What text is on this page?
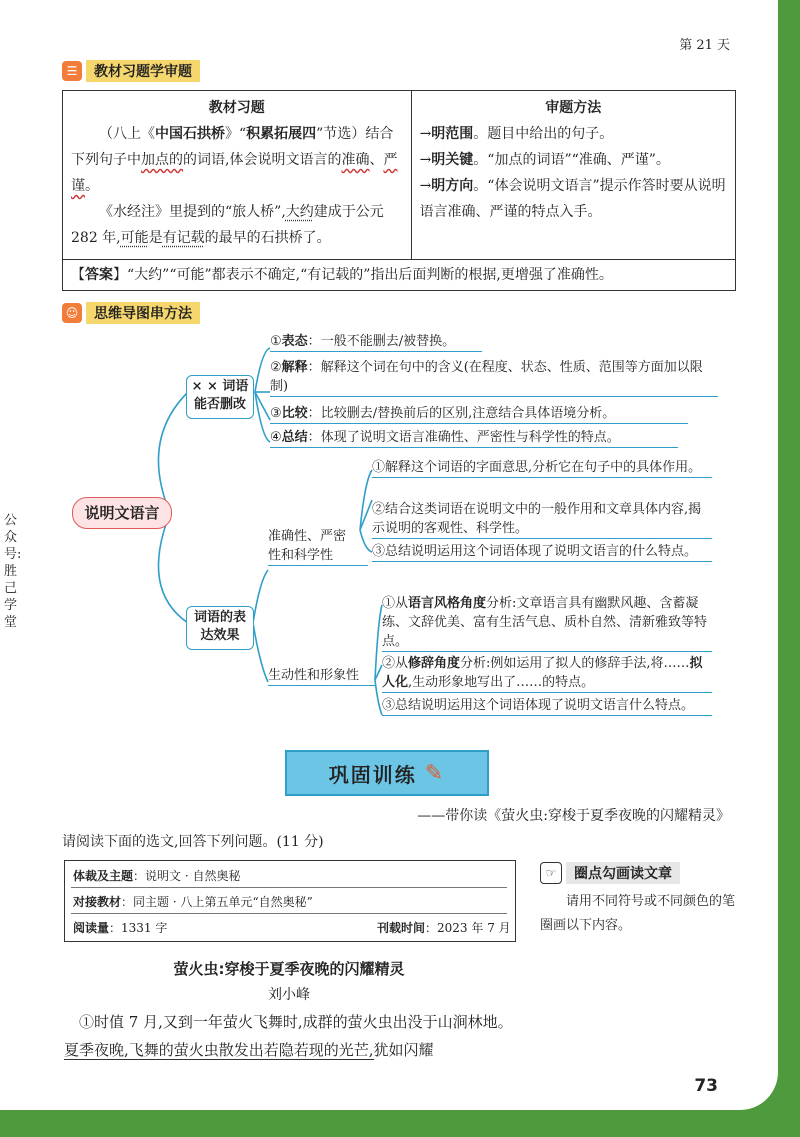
第 21 天
☰	教材习题学审题
教材习题
（八上《中国石拱桥》“积累拓展四”节选）结合下列句子中加点的的词语,体会说明文语言的准确、严谨。
《水经注》里提到的“旅人桥”,大约建成于公元 282 年,可能是有记载的最早的石拱桥了。

审题方法
→明范围。题目中给出的句子。
→明关键。“加点的词语”“准确、严谨”。
→明方向。“体会说明文语言”提示作答时要从说明语言准确、严谨的特点入手。

【答案】“大约”“可能”都表示不确定,“有记载的”指出后面判断的根据,更增强了准确性。
☺	思维导图串方法
说明文语言
× × 词语
能否删改
①表态：一般不能删去/被替换。
②解释：解释这个词在句中的含义(在程度、状态、性质、范围等方面加以限制)
③比较：比较删去/替换前后的区别,注意结合具体语境分析。
④总结：体现了说明文语言准确性、严密性与科学性的特点。
词语的表
达效果
准确性、严密
性和科学性
①解释这个词语的字面意思,分析它在句子中的具体作用。
②结合这类词语在说明文中的一般作用和文章具体内容,揭示说明的客观性、科学性。
③总结说明运用这个词语体现了说明文语言的什么特点。
生动性和形象性
①从语言风格角度分析:文章语言具有幽默风趣、含蓄凝练、文辞优美、富有生活气息、质朴自然、清新雅致等特点。
②从修辞角度分析:例如运用了拟人的修辞手法,将……拟人化,生动形象地写出了……的特点。
③总结说明运用这个词语体现了说明文语言什么特点。
公众号:胜己学堂
巩固训练 ✎
——带你读《萤火虫:穿梭于夏季夜晚的闪耀精灵》
请阅读下面的选文,回答下列问题。(11 分)
体裁及主题：说明文 · 自然奥秘
对接教材：同主题 · 八上第五单元“自然奥秘”
阅读量：1331 字	刊载时间：2023 年 7 月
☞	圈点勾画读文章
请用不同符号或不同颜色的笔圈画以下内容。
萤火虫:穿梭于夏季夜晚的闪耀精灵
刘小峰
①时值 7 月,又到一年萤火飞舞时,成群的萤火虫出没于山涧林地。夏季夜晚,飞舞的萤火虫散发出若隐若现的光芒,犹如闪耀
73
